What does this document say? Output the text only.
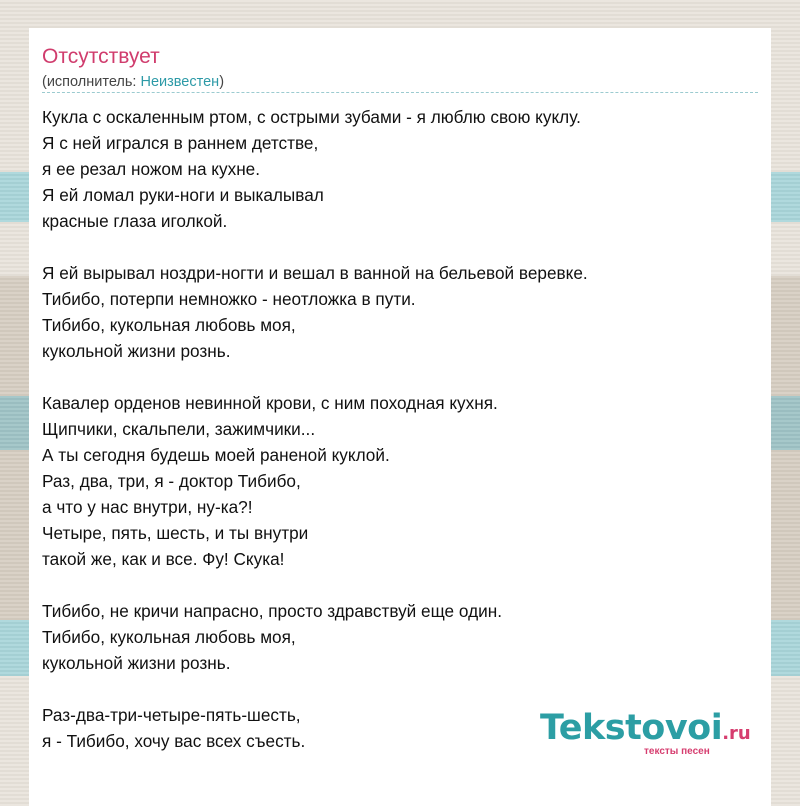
Отсутствует
(исполнитель: Неизвестен)
Кукла с оскаленным ртом, с острыми зубами - я люблю свою куклу.
Я с ней игрался в раннем детстве,
я ее резал ножом на кухне.
Я ей ломал руки-ноги и выкалывал
красные глаза иголкой.
Я ей вырывал ноздри-ногти и вешал в ванной на бельевой веревке.
Тибибо, потерпи немножко - неотложка в пути.
Тибибо, кукольная любовь моя,
кукольной жизни рознь.
Кавалер орденов невинной крови, с ним походная кухня.
Щипчики, скальпели, зажимчики...
А ты сегодня будешь моей раненой куклой.
Раз, два, три, я - доктор Тибибо,
а что у нас внутри, ну-ка?!
Четыре, пять, шесть, и ты внутри
такой же, как и все. Фу! Скука!
Тибибо, не кричи напрасно, просто здравствуй еще один.
Тибибо, кукольная любовь моя,
кукольной жизни рознь.
Раз-два-три-четыре-пять-шесть,
я - Тибибо, хочу вас всех съесть.	Tekstovoi.ru
тексты песен
